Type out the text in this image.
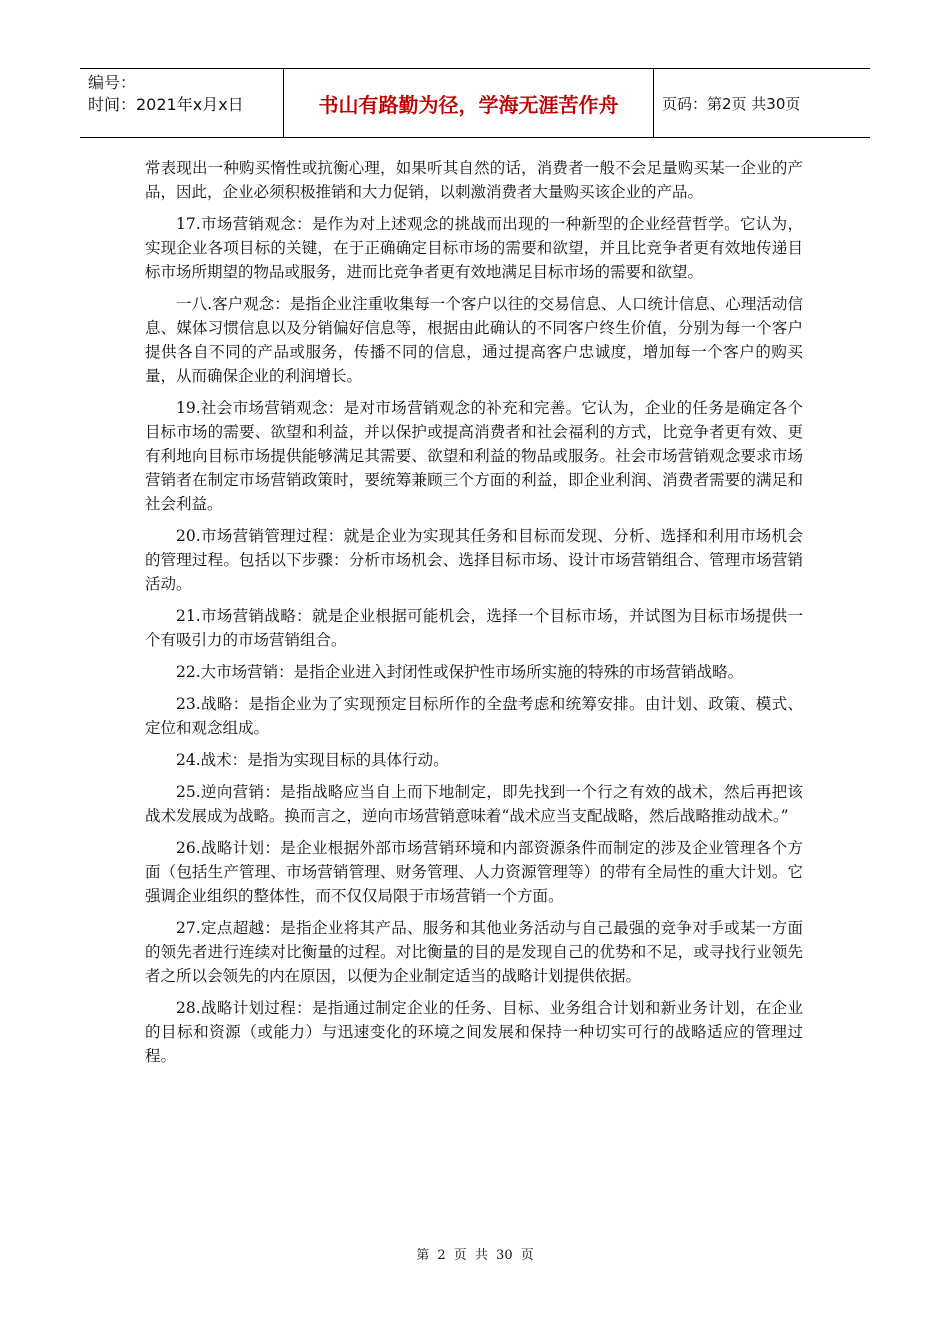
编号：
时间：2021年x月x日	书山有路勤为径，学海无涯苦作舟	页码：第2页 共30页

常表现出一种购买惰性或抗衡心理，如果听其自然的话，消费者一般不会足量购买某一企业的产品，因此，企业必须积极推销和大力促销，以刺激消费者大量购买该企业的产品。

17.市场营销观念：是作为对上述观念的挑战而出现的一种新型的企业经营哲学。它认为，实现企业各项目标的关键，在于正确确定目标市场的需要和欲望，并且比竞争者更有效地传递目标市场所期望的物品或服务，进而比竞争者更有效地满足目标市场的需要和欲望。

一八.客户观念：是指企业注重收集每一个客户以往的交易信息、人口统计信息、心理活动信息、媒体习惯信息以及分销偏好信息等，根据由此确认的不同客户终生价值，分别为每一个客户提供各自不同的产品或服务，传播不同的信息，通过提高客户忠诚度，增加每一个客户的购买量，从而确保企业的利润增长。

19.社会市场营销观念：是对市场营销观念的补充和完善。它认为，企业的任务是确定各个目标市场的需要、欲望和利益，并以保护或提高消费者和社会福利的方式，比竞争者更有效、更有利地向目标市场提供能够满足其需要、欲望和利益的物品或服务。社会市场营销观念要求市场营销者在制定市场营销政策时，要统筹兼顾三个方面的利益，即企业利润、消费者需要的满足和社会利益。

20.市场营销管理过程：就是企业为实现其任务和目标而发现、分析、选择和利用市场机会的管理过程。包括以下步骤：分析市场机会、选择目标市场、设计市场营销组合、管理市场营销活动。

21.市场营销战略：就是企业根据可能机会，选择一个目标市场，并试图为目标市场提供一个有吸引力的市场营销组合。

22.大市场营销：是指企业进入封闭性或保护性市场所实施的特殊的市场营销战略。

23.战略：是指企业为了实现预定目标所作的全盘考虑和统筹安排。由计划、政策、模式、定位和观念组成。

24.战术：是指为实现目标的具体行动。

25.逆向营销：是指战略应当自上而下地制定，即先找到一个行之有效的战术，然后再把该战术发展成为战略。换而言之，逆向市场营销意味着“战术应当支配战略，然后战略推动战术。”

26.战略计划：是企业根据外部市场营销环境和内部资源条件而制定的涉及企业管理各个方面（包括生产管理、市场营销管理、财务管理、人力资源管理等）的带有全局性的重大计划。它强调企业组织的整体性，而不仅仅局限于市场营销一个方面。

27.定点超越：是指企业将其产品、服务和其他业务活动与自己最强的竞争对手或某一方面的领先者进行连续对比衡量的过程。对比衡量的目的是发现自己的优势和不足，或寻找行业领先者之所以会领先的内在原因，以便为企业制定适当的战略计划提供依据。

28.战略计划过程：是指通过制定企业的任务、目标、业务组合计划和新业务计划，在企业的目标和资源（或能力）与迅速变化的环境之间发展和保持一种切实可行的战略适应的管理过程。

第 2 页 共 30 页
